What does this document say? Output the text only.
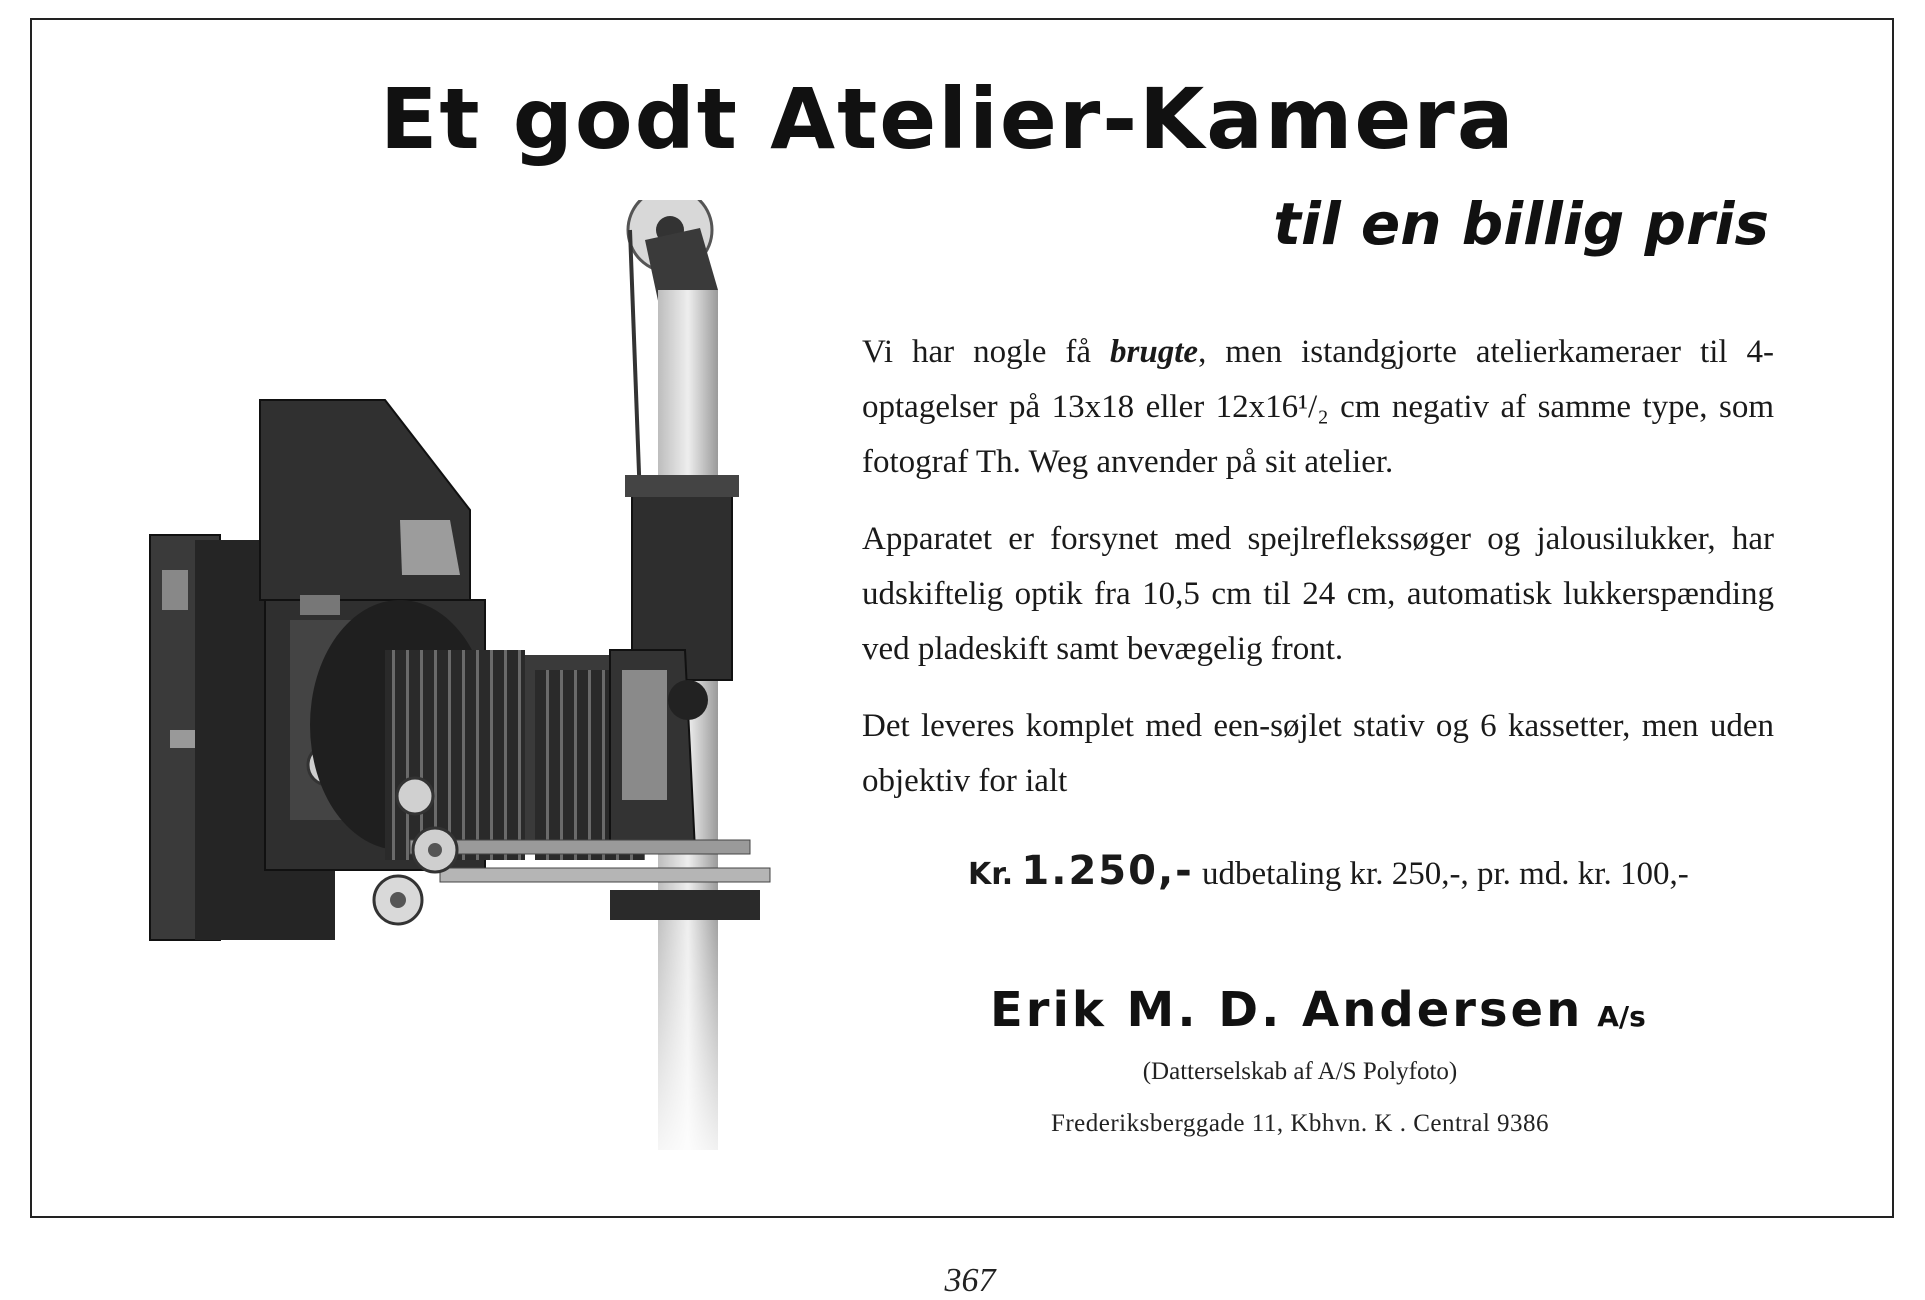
Et godt Atelier-Kamera
til en billig pris

Vi har nogle få brugte, men istandgjorte atelierkameraer til 4-optagelser på 13x18 eller 12x16¹/₂ cm negativ af samme type, som fotograf Th. Weg anvender på sit atelier.

Apparatet er forsynet med spejlreflekssøger og jalousilukker, har udskiftelig optik fra 10,5 cm til 24 cm, automatisk lukkerspænding ved pladeskift samt bevægelig front.

Det leveres komplet med een-søjlet stativ og 6 kassetter, men uden objektiv for ialt

Kr. 1.250,- udbetaling kr. 250,-, pr. md. kr. 100,-
Erik M. D. Andersen A/s
(Datterselskab af A/S Polyfoto)
Frederiksberggade 11, Kbhvn. K . Central 9386
367
